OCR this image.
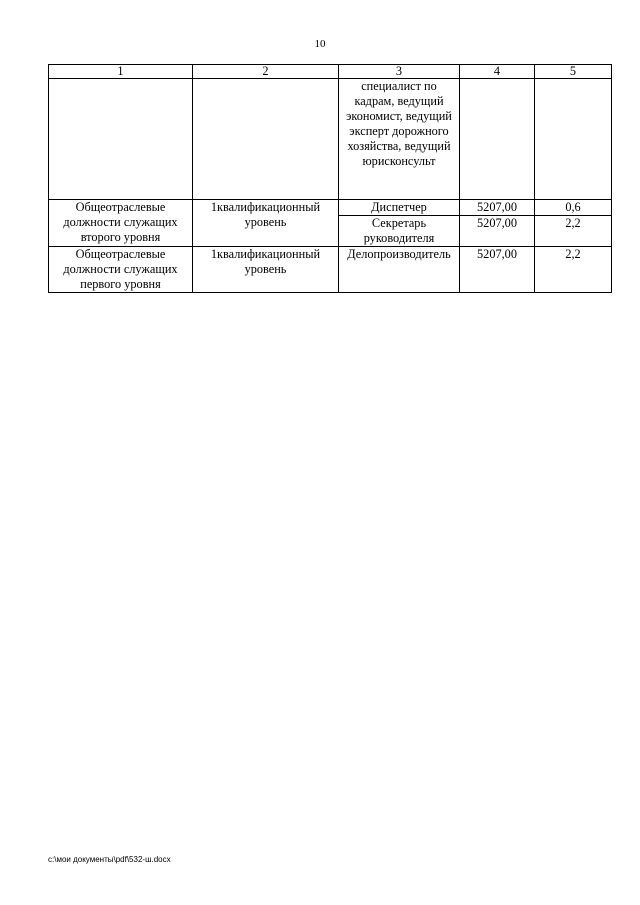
10
1	2	3	4	5
		специалист по кадрам, ведущий экономист, ведущий эксперт дорожного хозяйства, ведущий юрисконсульт		
Общеотраслевые должности служащих второго уровня	1квалификационный уровень	Диспетчер	5207,00	0,6
		Секретарь руководителя	5207,00	2,2
Общеотраслевые должности служащих первого уровня	1квалификационный уровень	Делопроизводитель	5207,00	2,2
c:\мои документы\pdf\532-ш.docx
